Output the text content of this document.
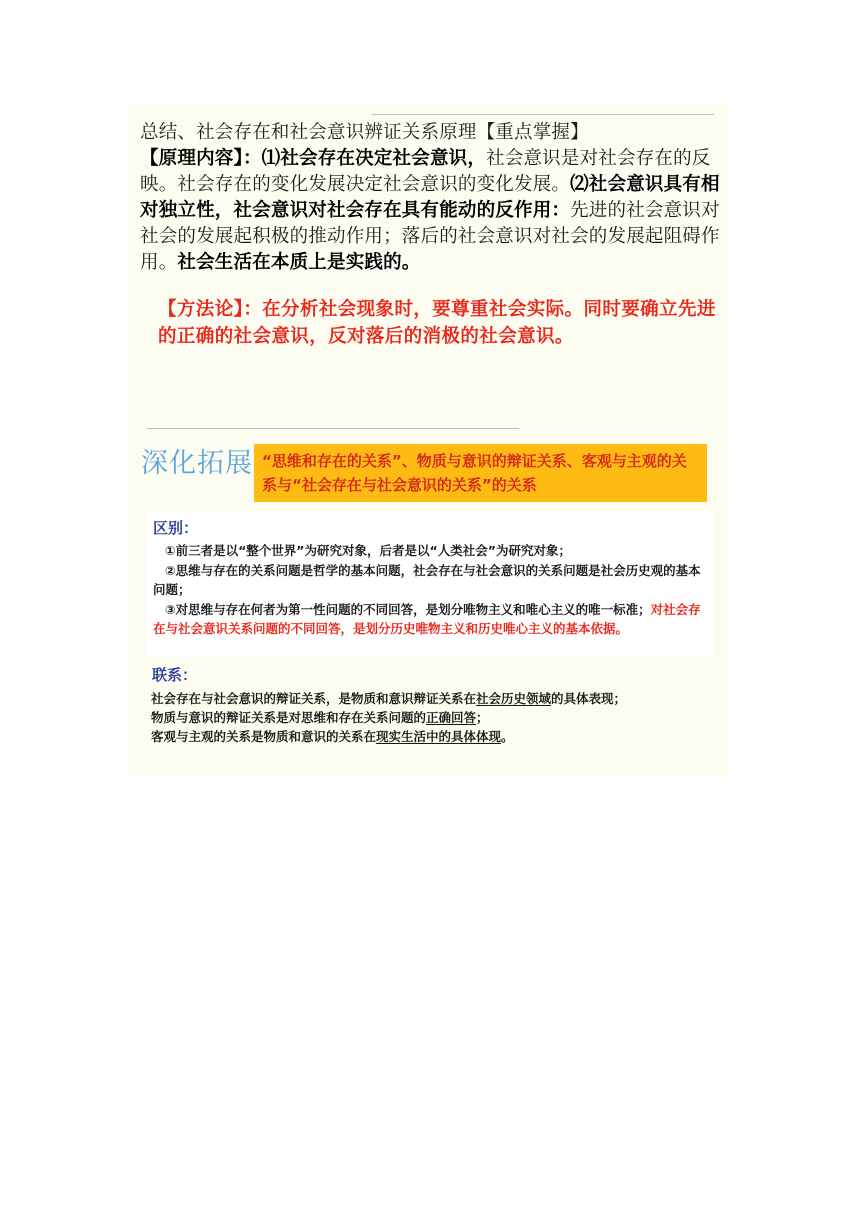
总结、社会存在和社会意识辨证关系原理【重点掌握】
【原理内容】：⑴社会存在决定社会意识，社会意识是对社会存在的反映。社会存在的变化发展决定社会意识的变化发展。⑵社会意识具有相对独立性，社会意识对社会存在具有能动的反作用：先进的社会意识对社会的发展起积极的推动作用；落后的社会意识对社会的发展起阻碍作用。社会生活在本质上是实践的。
【方法论】：在分析社会现象时，要尊重社会实际。同时要确立先进的正确的社会意识，反对落后的消极的社会意识。
深化拓展 “思维和存在的关系”、物质与意识的辩证关系、客观与主观的关系与“社会存在与社会意识的关系”的关系
区别：
①前三者是以“整个世界”为研究对象，后者是以“人类社会”为研究对象；
②思维与存在的关系问题是哲学的基本问题，社会存在与社会意识的关系问题是社会历史观的基本问题；
③对思维与存在何者为第一性问题的不同回答，是划分唯物主义和唯心主义的唯一标准；对社会存在与社会意识关系问题的不同回答，是划分历史唯物主义和历史唯心主义的基本依据。
联系：
社会存在与社会意识的辩证关系，是物质和意识辩证关系在社会历史领域的具体表现；
物质与意识的辩证关系是对思维和存在关系问题的正确回答；
客观与主观的关系是物质和意识的关系在现实生活中的具体体现。
